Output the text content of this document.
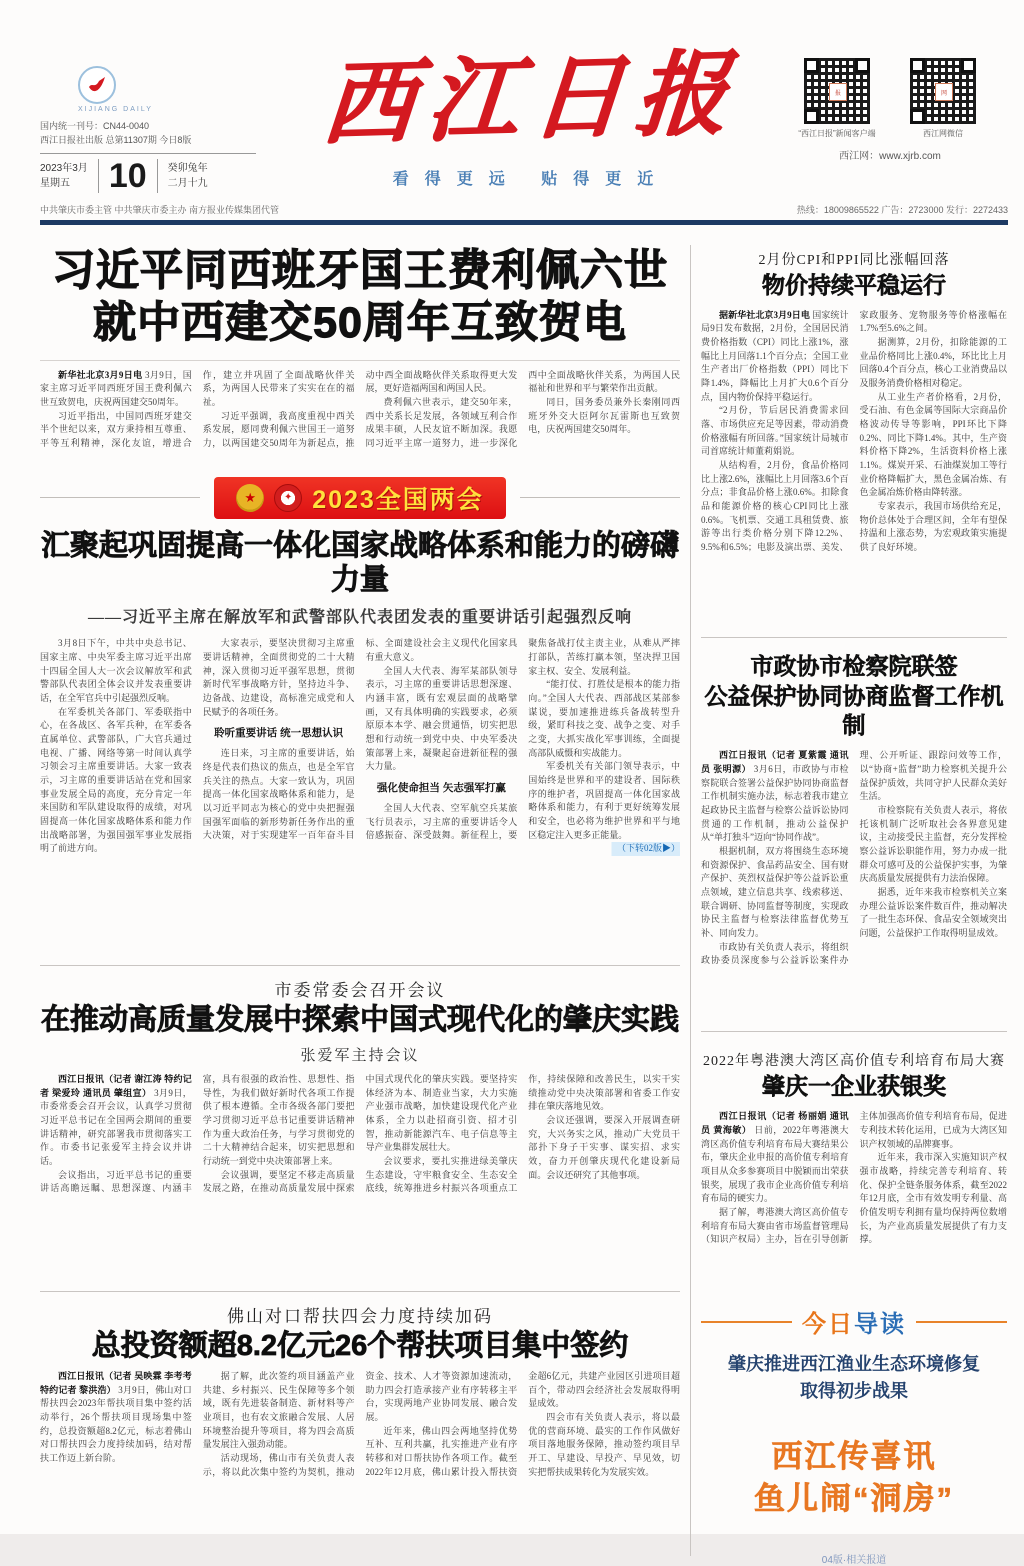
XIJIANG DAILY
国内统一刊号：CN44-0040
西江日报社出版 总第11307期 今日8版
2023年3月
星期五	10	癸卯兔年
二月十九
西江日报
看得更远 贴得更近
报
“西江日报”新闻客户端
网
西江网微信
西江网：www.xjrb.com
中共肇庆市委主管 中共肇庆市委主办 南方报业传媒集团代管	热线：18009865522 广告：2723000 发行：2272433
习近平同西班牙国王费利佩六世
就中西建交50周年互致贺电

新华社北京3月9日电 3月9日，国家主席习近平同西班牙国王费利佩六世互致贺电，庆祝两国建交50周年。

习近平指出，中国同西班牙建交半个世纪以来，双方秉持相互尊重、平等互利精神，深化友谊，增进合作，建立并巩固了全面战略伙伴关系，为两国人民带来了实实在在的福祉。

习近平强调，我高度重视中西关系发展，愿同费利佩六世国王一道努力，以两国建交50周年为新起点，推动中西全面战略伙伴关系取得更大发展，更好造福两国和两国人民。

费利佩六世表示，建交50年来，西中关系长足发展，各领域互利合作成果丰硕，人民友谊不断加深。我愿同习近平主席一道努力，进一步深化西中全面战略伙伴关系，为两国人民福祉和世界和平与繁荣作出贡献。

同日，国务委员兼外长秦刚同西班牙外交大臣阿尔瓦雷斯也互致贺电，庆祝两国建交50周年。

★	✦ 2023全国两会
汇聚起巩固提高一体化国家战略体系和能力的磅礴力量
——习近平主席在解放军和武警部队代表团发表的重要讲话引起强烈反响

3月8日下午，中共中央总书记、国家主席、中央军委主席习近平出席十四届全国人大一次会议解放军和武警部队代表团全体会议并发表重要讲话，在全军官兵中引起强烈反响。

在军委机关各部门、军委联指中心，在各战区、各军兵种，在军委各直属单位、武警部队，广大官兵通过电视、广播、网络等第一时间认真学习领会习主席重要讲话。大家一致表示，习主席的重要讲话站在党和国家事业发展全局的高度，充分肯定一年来国防和军队建设取得的成绩，对巩固提高一体化国家战略体系和能力作出战略部署，为强国强军事业发展指明了前进方向。

大家表示，要坚决贯彻习主席重要讲话精神，全面贯彻党的二十大精神，深入贯彻习近平强军思想，贯彻新时代军事战略方针，坚持边斗争、边备战、边建设，高标准完成党和人民赋予的各项任务。

聆听重要讲话 统一思想认识

连日来，习主席的重要讲话，始终是代表们热议的焦点，也是全军官兵关注的热点。大家一致认为，巩固提高一体化国家战略体系和能力，是以习近平同志为核心的党中央把握强国强军面临的新形势新任务作出的重大决策，对于实现建军一百年奋斗目标、全面建设社会主义现代化国家具有重大意义。

全国人大代表、海军某部队领导表示，习主席的重要讲话思想深邃、内涵丰富，既有宏观层面的战略擘画，又有具体明确的实践要求，必须原原本本学、融会贯通悟，切实把思想和行动统一到党中央、中央军委决策部署上来，凝聚起奋进新征程的强大力量。

强化使命担当 矢志强军打赢

全国人大代表、空军航空兵某旅飞行员表示，习主席的重要讲话令人倍感振奋、深受鼓舞。新征程上，要聚焦备战打仗主责主业，从难从严摔打部队，苦练打赢本领，坚决捍卫国家主权、安全、发展利益。

“能打仗、打胜仗是根本的能力指向。”全国人大代表、西部战区某部参谋说，要加速推进练兵备战转型升级，紧盯科技之变、战争之变、对手之变，大抓实战化军事训练，全面提高部队威慑和实战能力。

军委机关有关部门领导表示，中国始终是世界和平的建设者、国际秩序的维护者，巩固提高一体化国家战略体系和能力，有利于更好统筹发展和安全，也必将为维护世界和平与地区稳定注入更多正能量。

（下转02版▶）

市委常委会召开会议
在推动高质量发展中探索中国式现代化的肇庆实践
张爱军主持会议

西江日报讯（记者 谢江涛 特约记者 梁爱玲 通讯员 肇组宣） 3月9日，市委常委会召开会议，认真学习贯彻习近平总书记在全国两会期间的重要讲话精神，研究部署我市贯彻落实工作。市委书记张爱军主持会议并讲话。

会议指出，习近平总书记的重要讲话高瞻远瞩、思想深邃、内涵丰富，具有很强的政治性、思想性、指导性，为我们做好新时代各项工作提供了根本遵循。全市各级各部门要把学习贯彻习近平总书记重要讲话精神作为重大政治任务，与学习贯彻党的二十大精神结合起来，切实把思想和行动统一到党中央决策部署上来。

会议强调，要坚定不移走高质量发展之路，在推动高质量发展中探索中国式现代化的肇庆实践。要坚持实体经济为本、制造业当家，大力实施产业强市战略，加快建设现代化产业体系，全力以赴招商引资、招才引智，推动新能源汽车、电子信息等主导产业集群发展壮大。

会议要求，要扎实推进绿美肇庆生态建设，守牢粮食安全、生态安全底线，统筹推进乡村振兴各项重点工作，持续保障和改善民生，以实干实绩推动党中央决策部署和省委工作安排在肇庆落地见效。

会议还强调，要深入开展调查研究，大兴务实之风，推动广大党员干部扑下身子干实事、谋实招、求实效，奋力开创肇庆现代化建设新局面。会议还研究了其他事项。

佛山对口帮扶四会力度持续加码
总投资额超8.2亿元26个帮扶项目集中签约

西江日报讯（记者 吴映霖 李考考 特约记者 黎洪浩） 3月9日，佛山对口帮扶四会2023年帮扶项目集中签约活动举行，26个帮扶项目现场集中签约，总投资额超8.2亿元，标志着佛山对口帮扶四会力度持续加码，结对帮扶工作迈上新台阶。

据了解，此次签约项目涵盖产业共建、乡村振兴、民生保障等多个领域，既有先进装备制造、新材料等产业项目，也有农文旅融合发展、人居环境整治提升等项目，将为四会高质量发展注入强劲动能。

活动现场，佛山市有关负责人表示，将以此次集中签约为契机，推动资金、技术、人才等资源加速流动，助力四会打造承接产业有序转移主平台，实现两地产业协同发展、融合发展。

近年来，佛山四会两地坚持优势互补、互利共赢，扎实推进产业有序转移和对口帮扶协作各项工作。截至2022年12月底，佛山累计投入帮扶资金超6亿元，共建产业园区引进项目超百个，带动四会经济社会发展取得明显成效。

四会市有关负责人表示，将以最优的营商环境、最实的工作作风做好项目落地服务保障，推动签约项目早开工、早建设、早投产、早见效，切实把帮扶成果转化为发展实效。

2月份CPI和PPI同比涨幅回落
物价持续平稳运行

据新华社北京3月9日电 国家统计局9日发布数据，2月份，全国居民消费价格指数（CPI）同比上涨1%，涨幅比上月回落1.1个百分点；全国工业生产者出厂价格指数（PPI）同比下降1.4%，降幅比上月扩大0.6个百分点，国内物价保持平稳运行。

“2月份，节后居民消费需求回落、市场供应充足等因素，带动消费价格涨幅有所回落。”国家统计局城市司首席统计师董莉娟说。

从结构看，2月份，食品价格同比上涨2.6%，涨幅比上月回落3.6个百分点；非食品价格上涨0.6%。扣除食品和能源价格的核心CPI同比上涨0.6%。飞机票、交通工具租赁费、旅游等出行类价格分别下降12.2%、9.5%和6.5%；电影及演出票、美发、家政服务、宠物服务等价格涨幅在1.7%至5.6%之间。

据测算，2月份，扣除能源的工业品价格同比上涨0.4%，环比比上月回落0.4个百分点，核心工业消费品以及服务消费价格相对稳定。

从工业生产者价格看，2月份，受石油、有色金属等国际大宗商品价格波动传导等影响，PPI环比下降0.2%、同比下降1.4%。其中，生产资料价格下降2%，生活资料价格上涨1.1%。煤炭开采、石油煤炭加工等行业价格降幅扩大，黑色金属冶炼、有色金属冶炼价格由降转涨。

专家表示，我国市场供给充足，物价总体处于合理区间，全年有望保持温和上涨态势，为宏观政策实施提供了良好环境。

市政协市检察院联签
公益保护协同协商监督工作机制

西江日报讯（记者 夏紫霞 通讯员 张明源） 3月6日，市政协与市检察院联合签署公益保护协同协商监督工作机制实施办法，标志着我市建立起政协民主监督与检察公益诉讼协同贯通的工作机制，推动公益保护从“单打独斗”迈向“协同作战”。

根据机制，双方将围绕生态环境和资源保护、食品药品安全、国有财产保护、英烈权益保护等公益诉讼重点领域，建立信息共享、线索移送、联合调研、协同监督等制度，实现政协民主监督与检察法律监督优势互补、同向发力。

市政协有关负责人表示，将组织政协委员深度参与公益诉讼案件办理、公开听证、跟踪问效等工作，以“协商+监督”助力检察机关提升公益保护质效，共同守护人民群众美好生活。

市检察院有关负责人表示，将依托该机制广泛听取社会各界意见建议，主动接受民主监督，充分发挥检察公益诉讼职能作用，努力办成一批群众可感可及的公益保护实事，为肇庆高质量发展提供有力法治保障。

据悉，近年来我市检察机关立案办理公益诉讼案件数百件，推动解决了一批生态环保、食品安全领域突出问题，公益保护工作取得明显成效。

2022年粤港澳大湾区高价值专利培育布局大赛
肇庆一企业获银奖

西江日报讯（记者 杨丽娟 通讯员 黄海敏） 日前，2022年粤港澳大湾区高价值专利培育布局大赛结果公布，肇庆企业申报的高价值专利培育项目从众多参赛项目中脱颖而出荣获银奖，展现了我市企业高价值专利培育布局的硬实力。

据了解，粤港澳大湾区高价值专利培育布局大赛由省市场监督管理局（知识产权局）主办，旨在引导创新主体加强高价值专利培育布局，促进专利技术转化运用，已成为大湾区知识产权领域的品牌赛事。

近年来，我市深入实施知识产权强市战略，持续完善专利培育、转化、保护全链条服务体系，截至2022年12月底，全市有效发明专利量、高价值发明专利拥有量均保持两位数增长，为产业高质量发展提供了有力支撑。

今日导读

肇庆推进西江渔业生态环境修复
取得初步战果

西江传喜讯
鱼儿闹“洞房”

04版·相关报道
